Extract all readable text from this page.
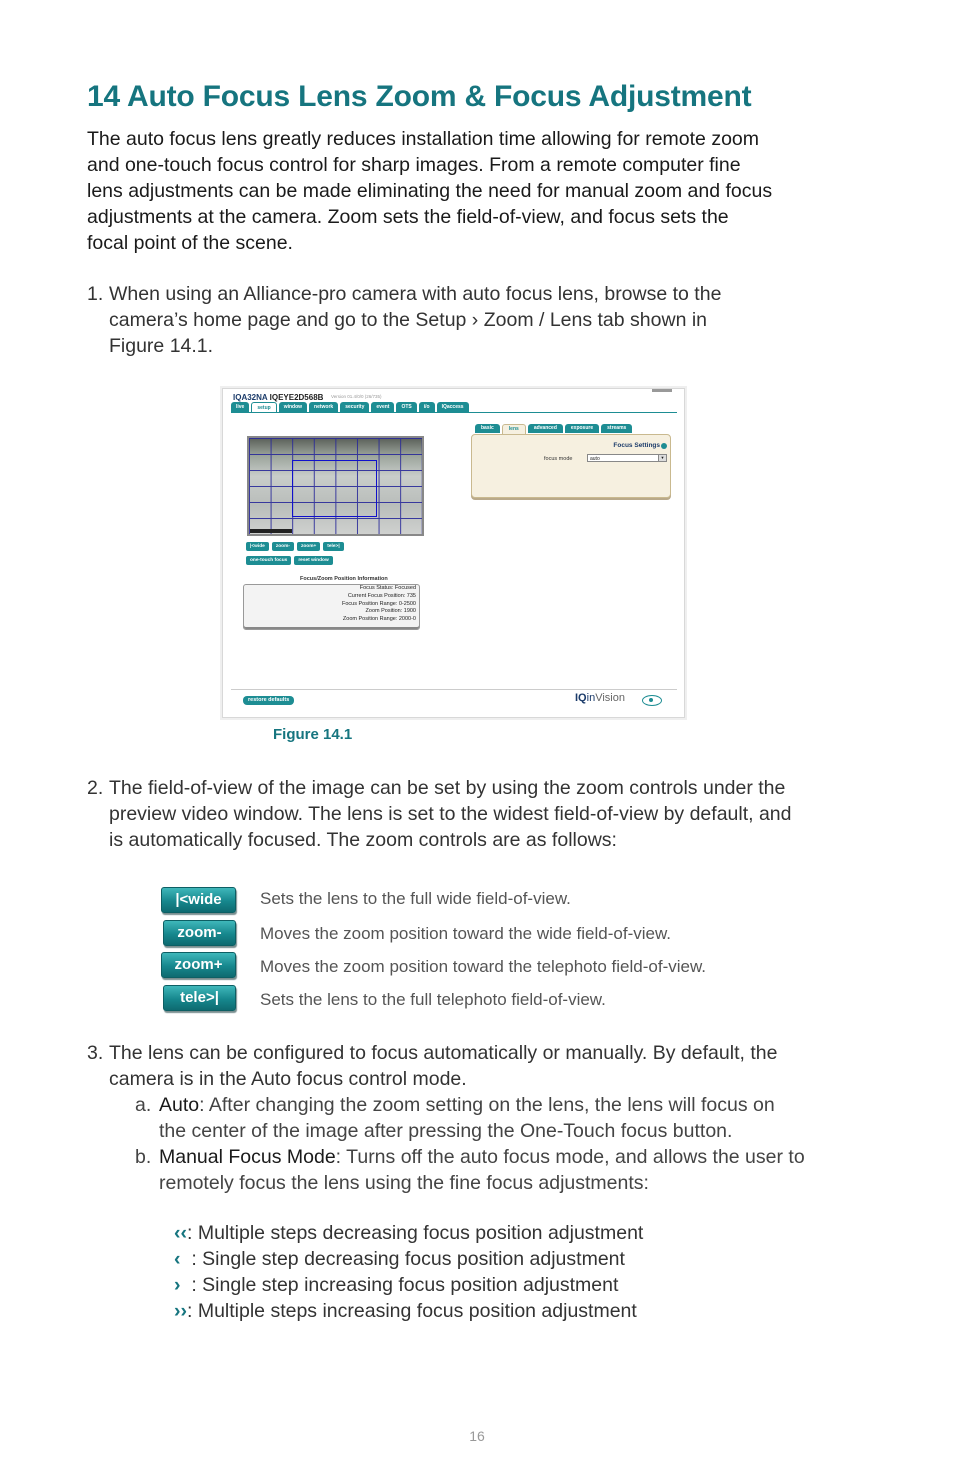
14 Auto Focus Lens Zoom & Focus Adjustment
The auto focus lens greatly reduces installation time allowing for remote zoom
and one-touch focus control for sharp images. From a remote computer fine
lens adjustments can be made eliminating the need for manual zoom and focus
adjustments at the camera. Zoom sets the field-of-view, and focus sets the
focal point of the scene.
1. When using an Alliance-pro camera with auto focus lens, browse to the
camera’s home page and go to the Setup › Zoom / Lens tab shown in
Figure 14.1.
IQA32NA IQEYE2D568B Version 01.4/0/0 (26/735)
live	setup	window	network	security	event	OTS	i/o	IQaccess
|<wide	zoom-	zoom+	tele>|
one-touch focus	reset window
Focus/Zoom Position Information
Focus Status: Focused
Current Focus Position: 735
Focus Position Range: 0-2500
Zoom Position: 1900
Zoom Position Range: 2000-0
basic	lens	advanced	exposure	streams
Focus Settings
focus mode	auto	▼
restore defaults	IQinVision
Figure 14.1
2. The field-of-view of the image can be set by using the zoom controls under the
preview video window. The lens is set to the widest field-of-view by default, and
is automatically focused. The zoom controls are as follows:
|<wide	Sets the lens to the full wide field-of-view.
zoom-	Moves the zoom position toward the wide field-of-view.
zoom+	Moves the zoom position toward the telephoto field-of-view.
tele>|	Sets the lens to the full telephoto field-of-view.
3. The lens can be configured to focus automatically or manually. By default, the
camera is in the Auto focus control mode.
a. Auto: After changing the zoom setting on the lens, the lens will focus on
the center of the image after pressing the One-Touch focus button.
b. Manual Focus Mode: Turns off the auto focus mode, and allows the user to
remotely focus the lens using the fine focus adjustments:
‹‹: Multiple steps decreasing focus position adjustment
‹  : Single step decreasing focus position adjustment
›  : Single step increasing focus position adjustment
››: Multiple steps increasing focus position adjustment
16
